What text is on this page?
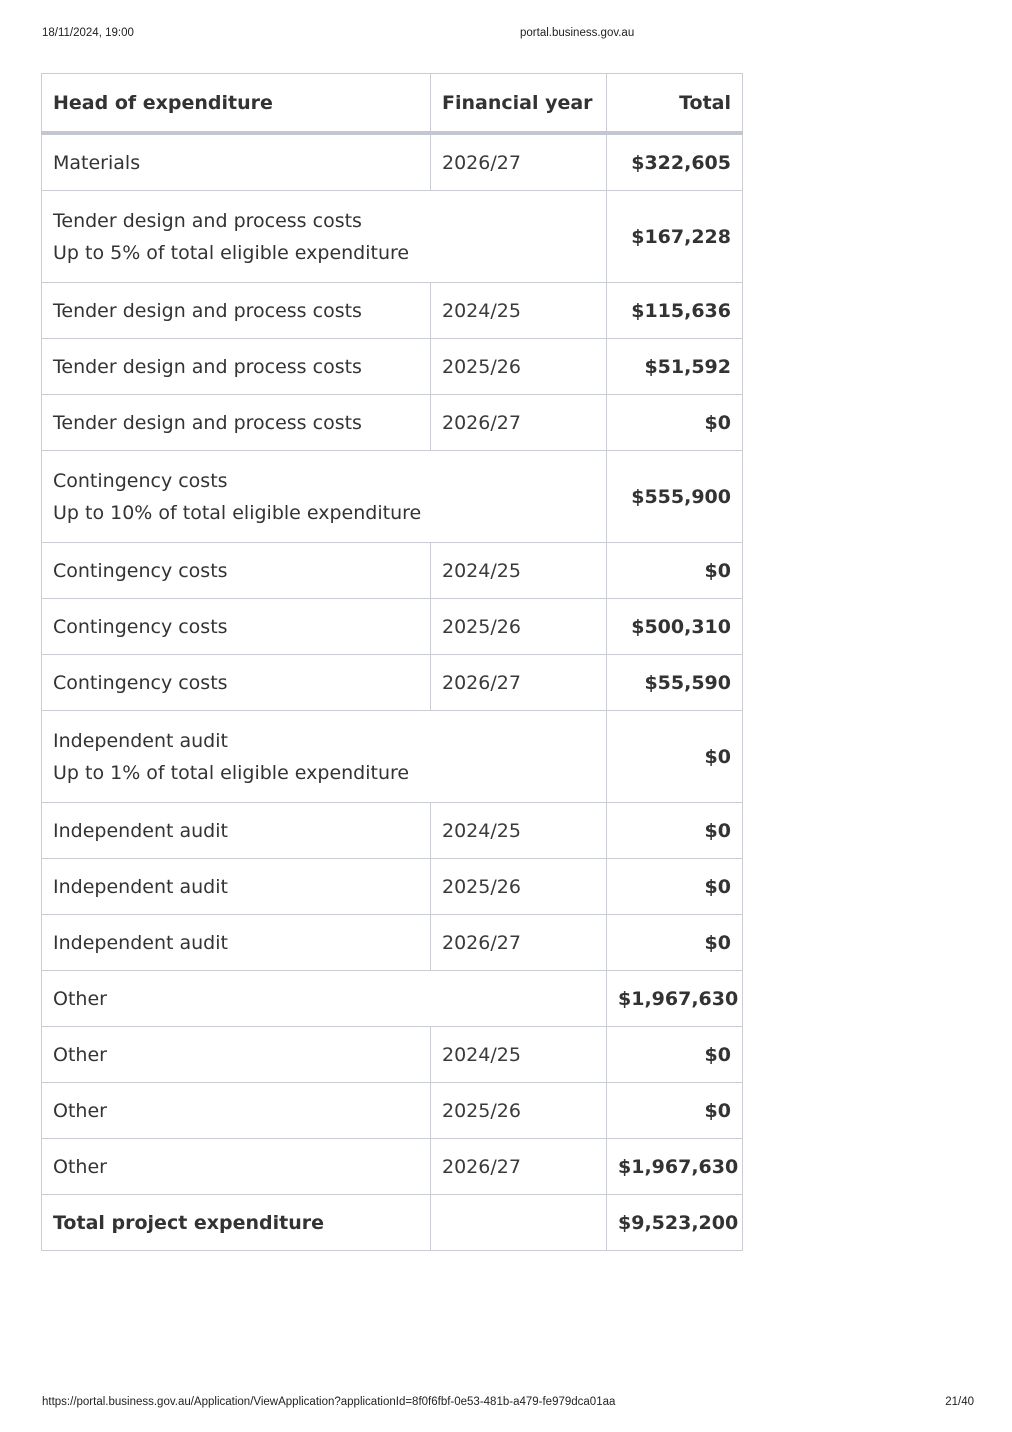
18/11/2024, 19:00	portal.business.gov.au
Head of expenditure	Financial year	Total
Materials	2026/27	$322,605
Tender design and process costs
Up to 5% of total eligible expenditure		$167,228
Tender design and process costs	2024/25	$115,636
Tender design and process costs	2025/26	$51,592
Tender design and process costs	2026/27	$0
Contingency costs
Up to 10% of total eligible expenditure		$555,900
Contingency costs	2024/25	$0
Contingency costs	2025/26	$500,310
Contingency costs	2026/27	$55,590
Independent audit
Up to 1% of total eligible expenditure		$0
Independent audit	2024/25	$0
Independent audit	2025/26	$0
Independent audit	2026/27	$0
Other		$1,967,630
Other	2024/25	$0
Other	2025/26	$0
Other	2026/27	$1,967,630
Total project expenditure		$9,523,200
https://portal.business.gov.au/Application/ViewApplication?applicationId=8f0f6fbf-0e53-481b-a479-fe979dca01aa	21/40
